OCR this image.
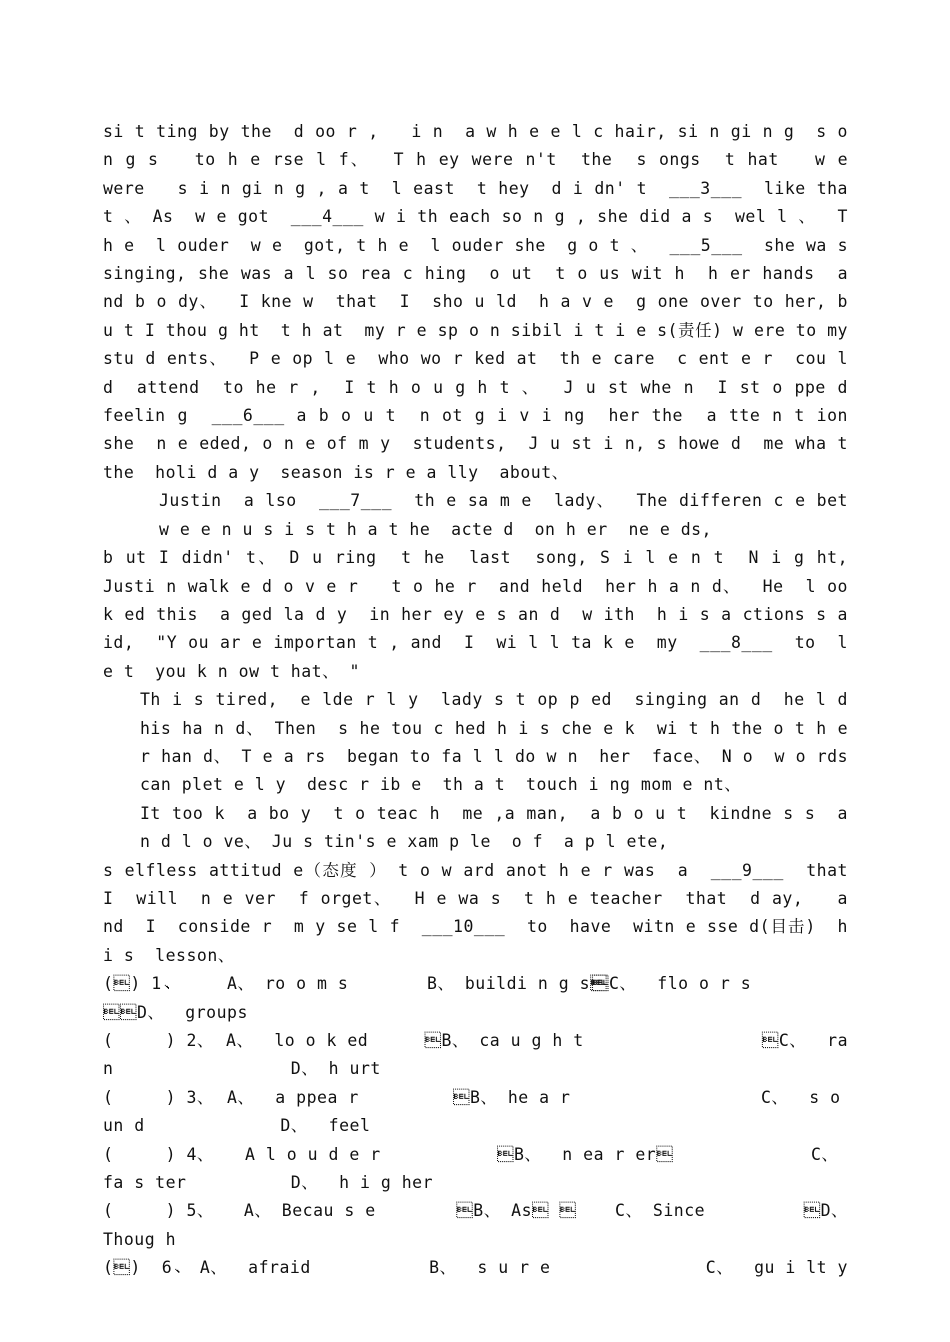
si t ting by the  d oo r ,   i n  a w h e e l c hair, si n gi n g  s o n g s   to h e rse l f、  T h ey were n't  the  s ongs  t hat   w e were   s i n gi n g , a t  l east  t hey  d i dn' t  ___3___  like tha t 、 As  w e got  ___4___ w i th each so n g , she did a s  wel l 、  T h e  l ouder  w e  got, t h e  l ouder she  g o t 、  ___5___  she wa s  singing, she was a l so rea c hing  o ut  t o us wit h  h er hands  a nd b o dy、  I kne w  that  I  sho u ld  h a v e  g one over to her, b u t I thou g ht  t h at  my r e sp o n sibil i t i e s(责任) w ere to my stu d ents、  P e op l e  who wo r ked at  th e care  c ent e r  cou l d  attend  to he r ,  I t h o u g h t 、  J u st whe n  I st o ppe d  feelin g  ___6___ a b o u t  n ot g i v i ng  her the  a tte n t ion she  n e eded, o n e of m y  students,  J u st i n, s howe d  me wha t  the  holi d a y  season is r e a lly  about、
Justin  a lso  ___7___  th e sa m e  lady、  The differen c e bet w e e n u s i s t h a t he  acte d  on h er  ne e ds,
b ut I didn' t、 D u ring  t he  last  song, S i l e n t  N i g ht, Justi n walk e d o v e r   t o he r  and held  her h a n d、  He  l oo k ed this  a ged la d y  in her ey e s an d  w ith  h i s a ctions s a id,  "Y ou ar e importan t , and  I  wi l l ta k e  my  ___8___  to  l e t  you k n ow t hat、 "
Th i s tired,  e lde r l y  lady s t op p ed  singing an d  he l d  his ha n d、 Then  s he tou c hed h i s che e k  wi t h the o t h e r han d、 T e a rs  began to fa l l do w n  her  face、 N o  w o rds  can plet e l y  desc r ib e  th a t  touch i ng mom e nt、
It too k  a bo y  t o teac h  me ,a man,  a b o u t  kindne s s  a n d l o ve、 Ju s tin's e xam p le  o f  a p l ete,
s elfless attitud e（态度 ） t o w ard anot h e r was  a  ___9___  that  I  will  n e ver  f orget、  H e wa s  t h e teacher  that  d ay,   a nd  I  conside r  m y se l f  ___10___  to  have  witn e sse d(目击)  h i s  lesson、
() 1、	A、 ro o m s	B、 buildi n g s
C、  flo o r s
D、  groups
(     ) 2、 A、  lo o k ed	B、 ca u g h t	C、  ra
n                 D、 h urt
(     ) 3、 A、  a ppea r	B、 he a r	C、  s o
un d             D、  feel
(     ) 4、	A l o u d e r	B、  n ea r er	C、
fa s ter          D、  h i g her
(     ) 5、	A、 Becau s e	B、 As 	C、 Since	D、
Thoug h
()  6、 A、  afraid	B、  s u r e	C、  gu i lt y
